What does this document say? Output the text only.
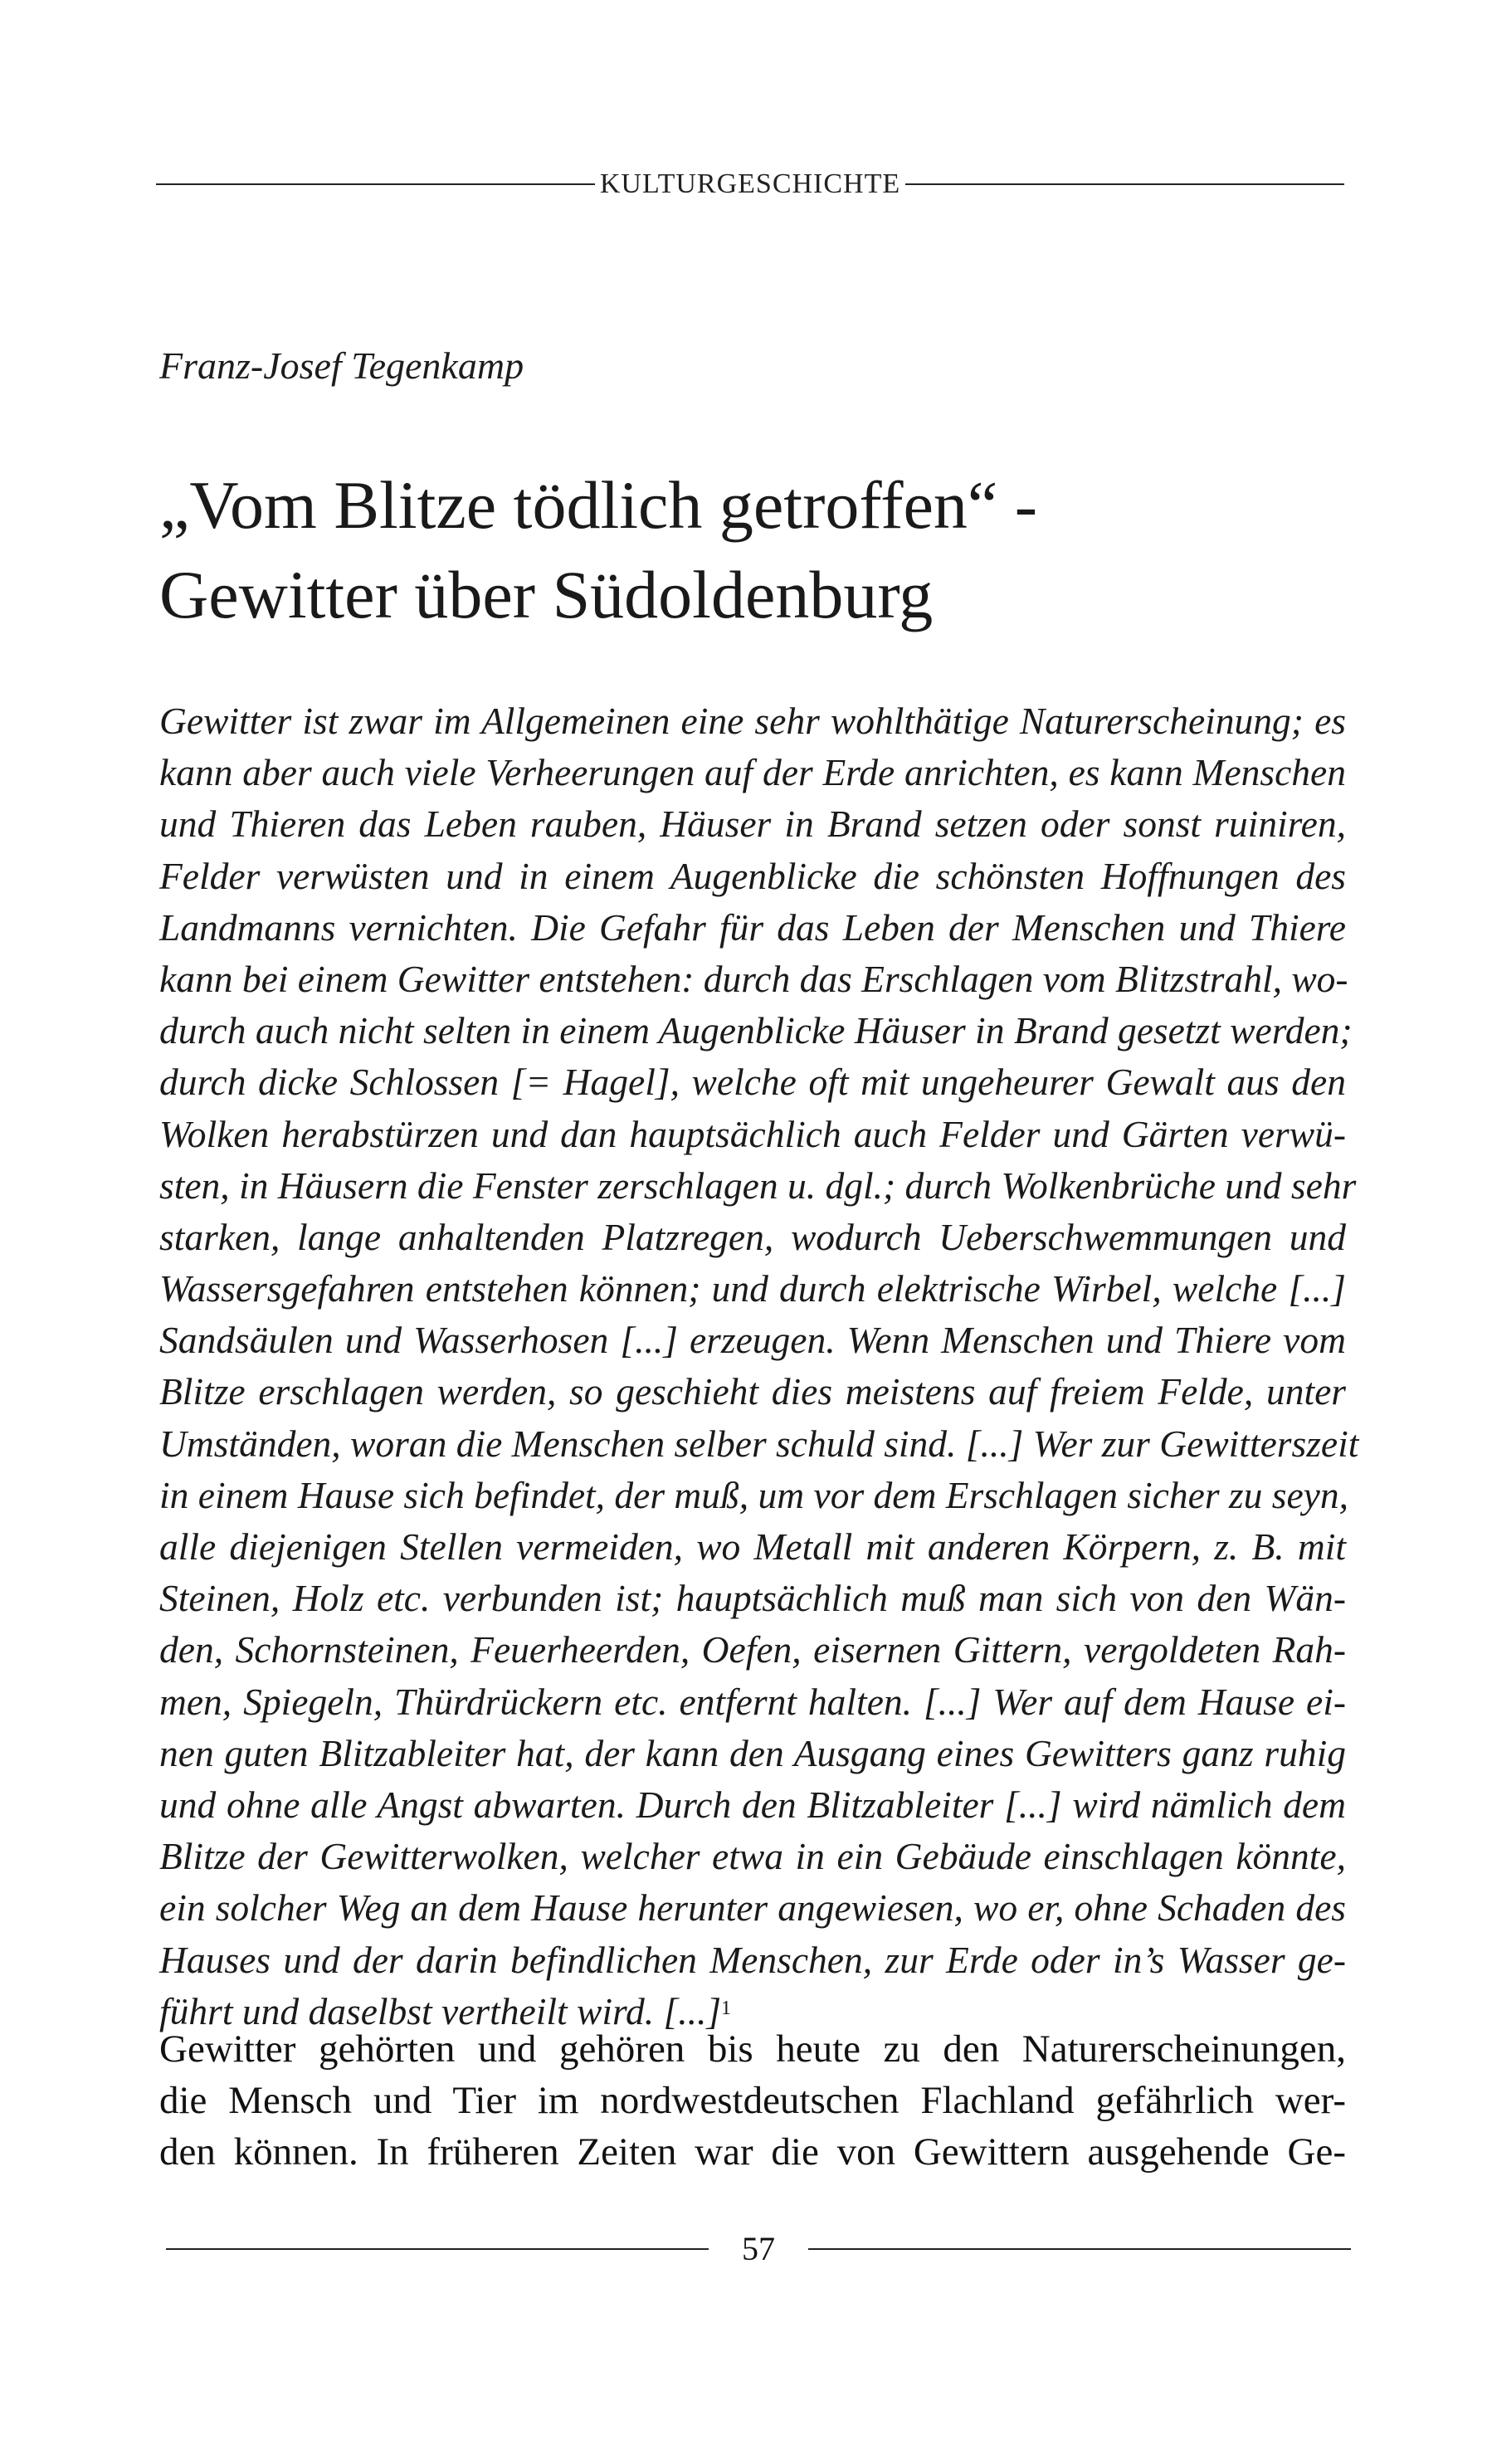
KULTURGESCHICHTE
Franz-Josef Tegenkamp
„Vom Blitze tödlich getroffen“ -
Gewitter über Südoldenburg
Gewitter ist zwar im Allgemeinen eine sehr wohlthätige Naturerscheinung; es
kann aber auch viele Verheerungen auf der Erde anrichten, es kann Menschen
und Thieren das Leben rauben, Häuser in Brand setzen oder sonst ruiniren,
Felder verwüsten und in einem Augenblicke die schönsten Hoffnungen des
Landmanns vernichten. Die Gefahr für das Leben der Menschen und Thiere
kann bei einem Gewitter entstehen: durch das Erschlagen vom Blitzstrahl, wo-
durch auch nicht selten in einem Augenblicke Häuser in Brand gesetzt werden;
durch dicke Schlossen [= Hagel], welche oft mit ungeheurer Gewalt aus den
Wolken herabstürzen und dan hauptsächlich auch Felder und Gärten verwü-
sten, in Häusern die Fenster zerschlagen u. dgl.; durch Wolkenbrüche und sehr
starken, lange anhaltenden Platzregen, wodurch Ueberschwemmungen und
Wassersgefahren entstehen können; und durch elektrische Wirbel, welche [...]
Sandsäulen und Wasserhosen [...] erzeugen. Wenn Menschen und Thiere vom
Blitze erschlagen werden, so geschieht dies meistens auf freiem Felde, unter
Umständen, woran die Menschen selber schuld sind. [...] Wer zur Gewitterszeit
in einem Hause sich befindet, der muß, um vor dem Erschlagen sicher zu seyn,
alle diejenigen Stellen vermeiden, wo Metall mit anderen Körpern, z. B. mit
Steinen, Holz etc. verbunden ist; hauptsächlich muß man sich von den Wän-
den, Schornsteinen, Feuerheerden, Oefen, eisernen Gittern, vergoldeten Rah-
men, Spiegeln, Thürdrückern etc. entfernt halten. [...] Wer auf dem Hause ei-
nen guten Blitzableiter hat, der kann den Ausgang eines Gewitters ganz ruhig
und ohne alle Angst abwarten. Durch den Blitzableiter [...] wird nämlich dem
Blitze der Gewitterwolken, welcher etwa in ein Gebäude einschlagen könnte,
ein solcher Weg an dem Hause herunter angewiesen, wo er, ohne Schaden des
Hauses und der darin befindlichen Menschen, zur Erde oder in’s Wasser ge-
führt und daselbst vertheilt wird. [...]$^1$
Gewitter gehörten und gehören bis heute zu den Naturerscheinungen,
die Mensch und Tier im nordwestdeutschen Flachland gefährlich wer-
den können. In früheren Zeiten war die von Gewittern ausgehende Ge-
57
